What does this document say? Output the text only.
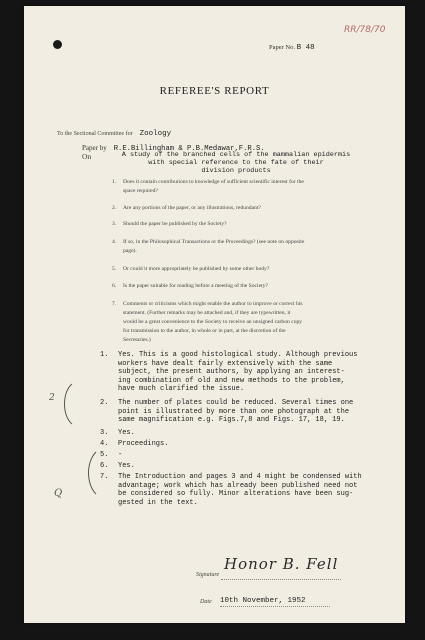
RR/78/70
Paper No. B 48
REFEREE'S REPORT
To the Sectional Committee for Zoology
Paper by R.E.Billingham & P.B.Medawar,F.R.S.
On	A study of the branched cells of the mammalian epidermis
with special reference to the fate of their
division products
1. Does it contain contributions to knowledge of sufficient scientific interest for the
space required?
2. Are any portions of the paper, or any illustrations, redundant?
3. Should the paper be published by the Society?
4. If so, in the Philosophical Transactions or the Proceedings? (see note on opposite
page).
5. Or could it more appropriately be published by some other body?
6. Is the paper suitable for reading before a meeting of the Society?
7. Comments or criticisms which might enable the author to improve or correct his
statement. (Further remarks may be attached and, if they are typewritten, it
would be a great convenience to the Society to receive an unsigned carbon copy
for transmission to the author, in whole or in part, at the discretion of the
Secretaries.)
1. Yes. This is a good histological study. Although previous
workers have dealt fairly extensively with the same
subject, the present authors, by applying an interest-
ing combination of old and new methods to the problem,
have much clarified the issue.
2. The number of plates could be reduced. Several times one
point is illustrated by more than one photograph at the
same magnification e.g. Figs.7,8 and Figs. 17, 18, 19.
3. Yes.
4. Proceedings.
5. -
6. Yes.
7. The Introduction and pages 3 and 4 might be condensed with
advantage; work which has already been published need not
be considered so fully. Minor alterations have been sug-
gested in the text.
2
Q
Signature
Honor B. Fell
Date 10th November, 1952
